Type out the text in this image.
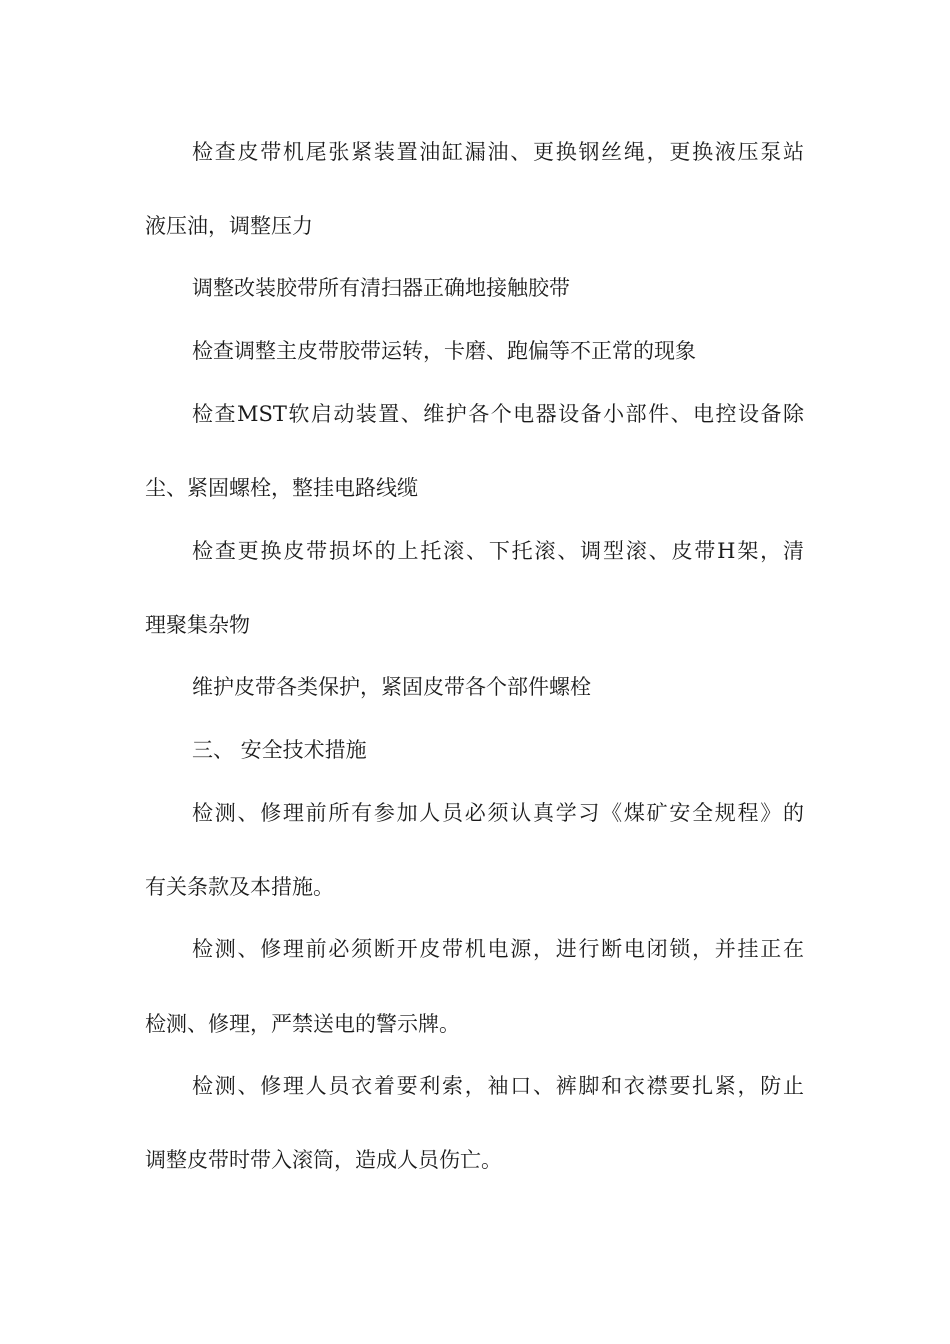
检查皮带机尾张紧装置油缸漏油、更换钢丝绳，更换液压泵站
液压油，调整压力
调整改装胶带所有清扫器正确地接触胶带
检查调整主皮带胶带运转，卡磨、跑偏等不正常的现象
检查MST软启动装置、维护各个电器设备小部件、电控设备除
尘、紧固螺栓，整挂电路线缆
检查更换皮带损坏的上托滚、下托滚、调型滚、皮带H架，清
理聚集杂物
维护皮带各类保护，紧固皮带各个部件螺栓
三、 安全技术措施
检测、修理前所有参加人员必须认真学习《煤矿安全规程》的
有关条款及本措施。
检测、修理前必须断开皮带机电源，进行断电闭锁，并挂正在
检测、修理，严禁送电的警示牌。
检测、修理人员衣着要利索，袖口、裤脚和衣襟要扎紧，防止
调整皮带时带入滚筒，造成人员伤亡。
